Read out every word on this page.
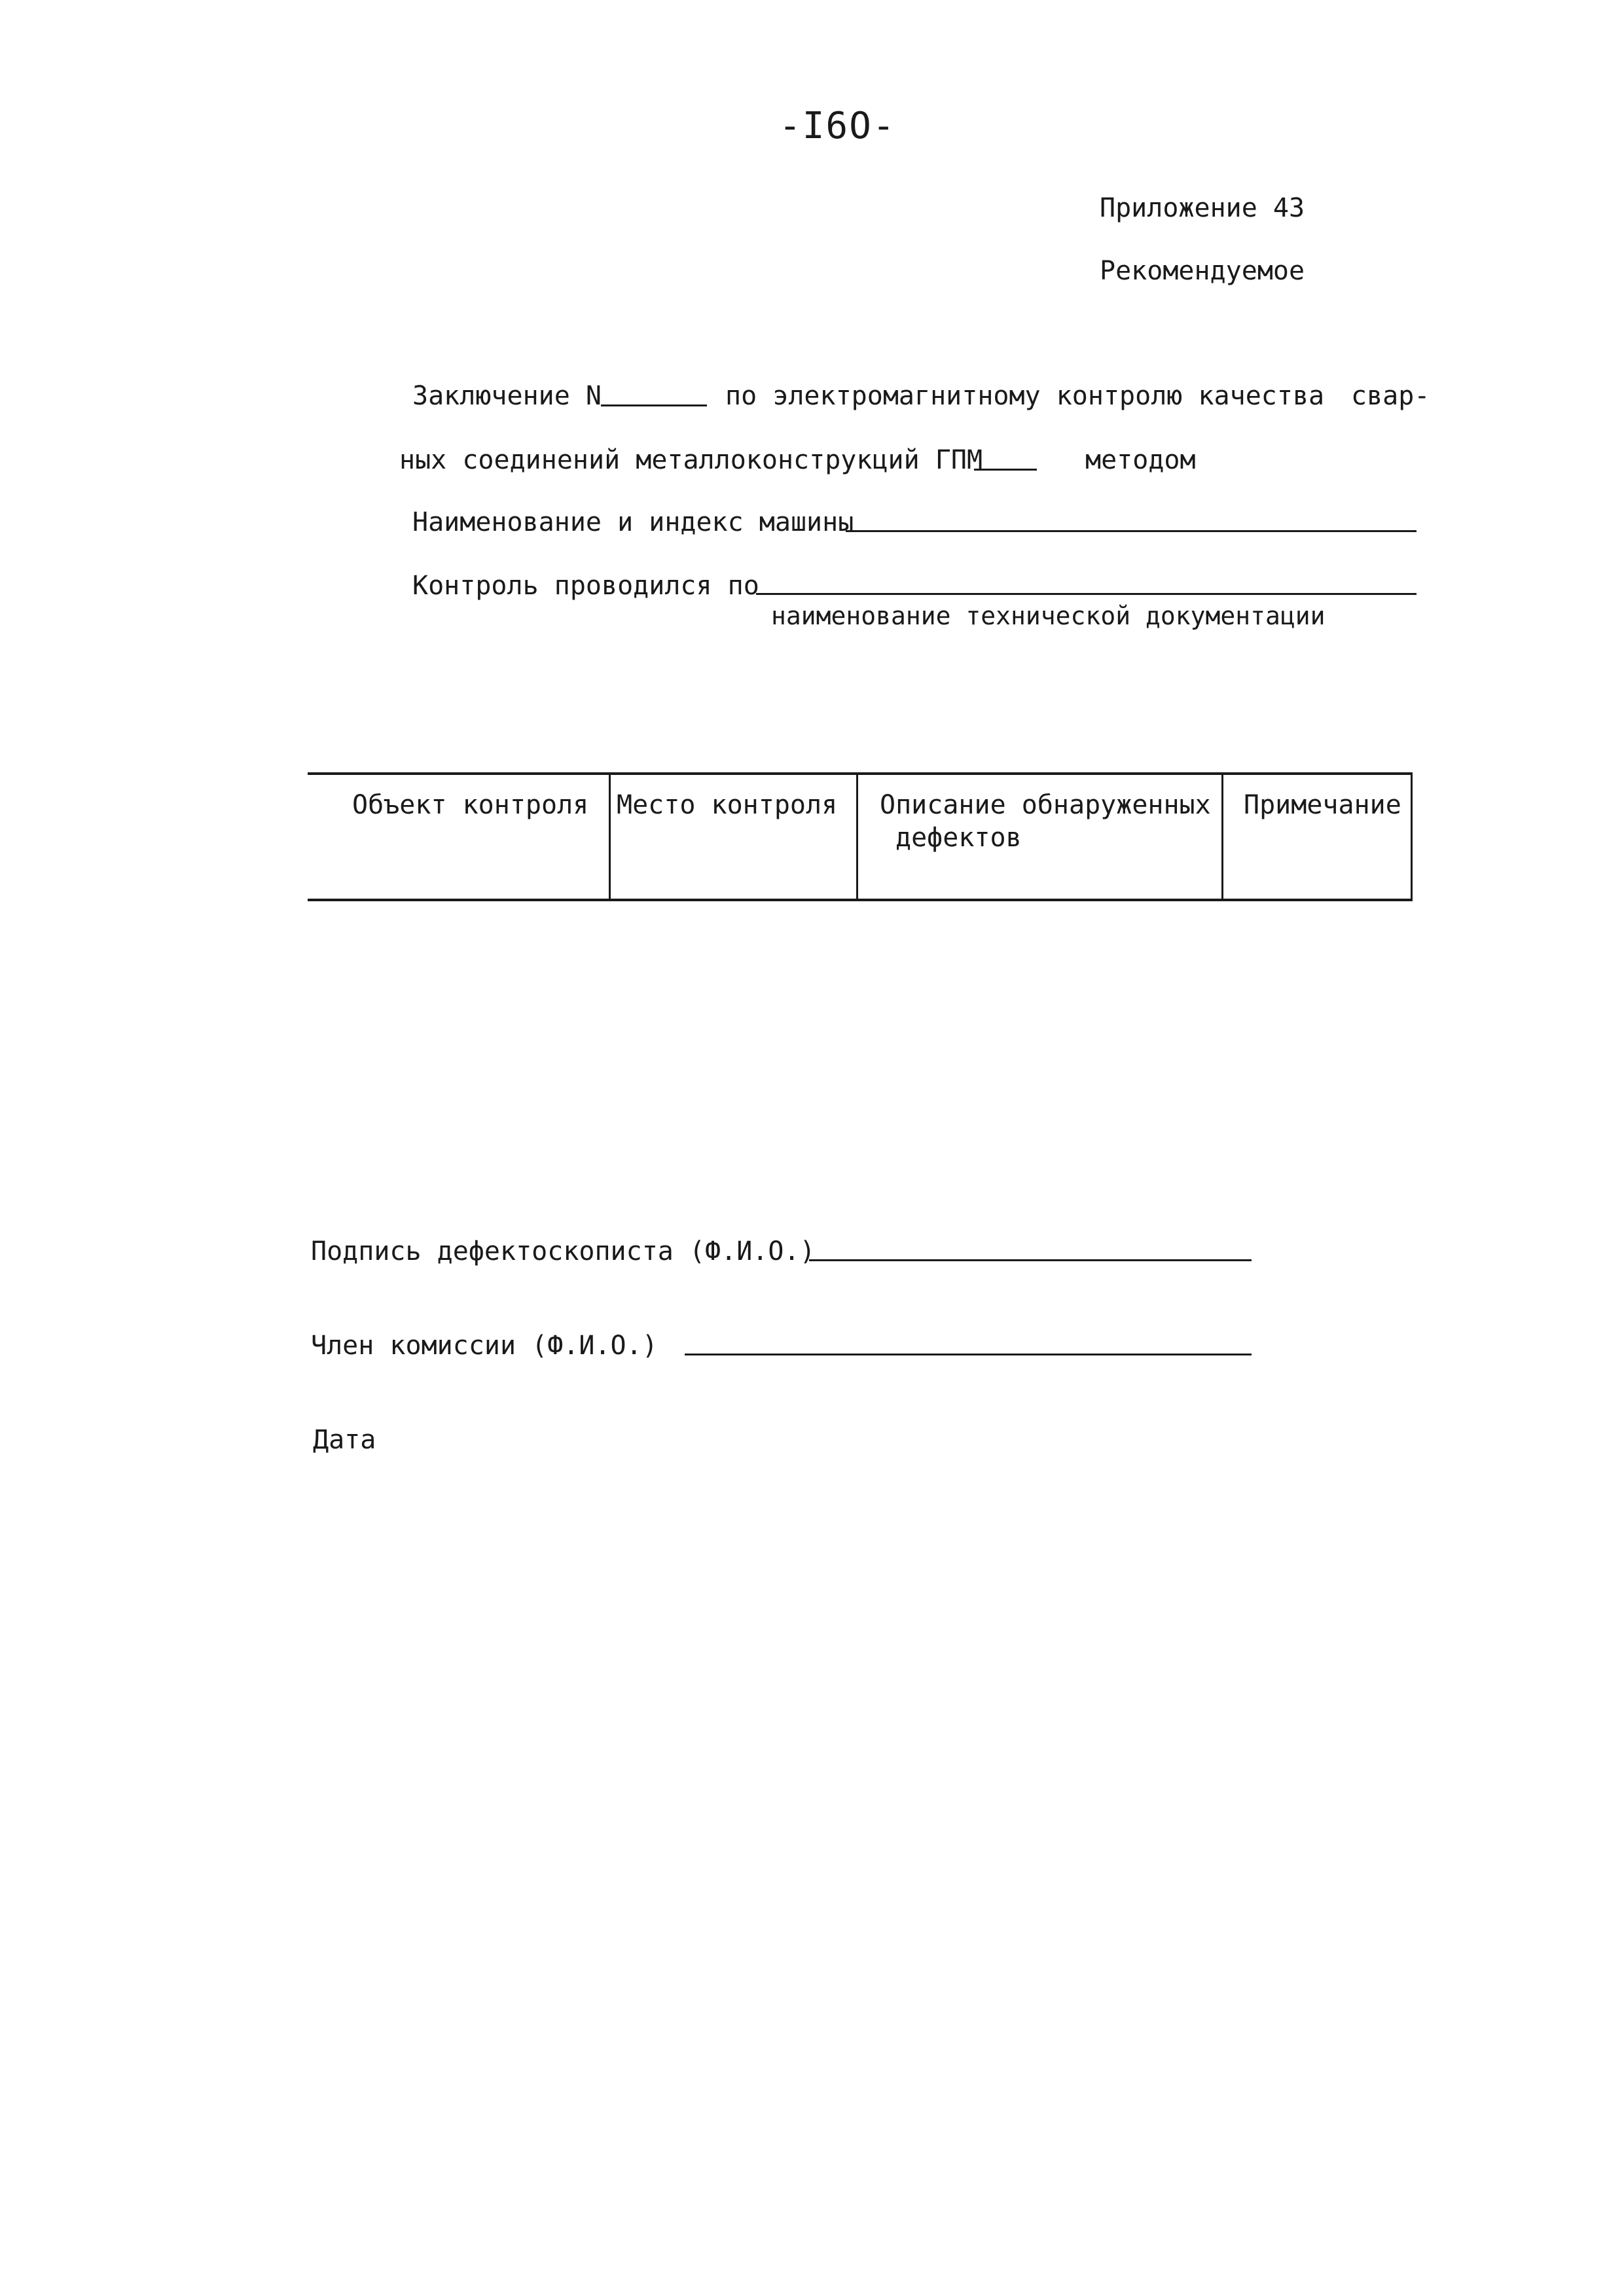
-I6O-
Приложение 43
Рекомендуемое
Заключение N	по электромагнитному контролю качества свар-
ных соединений металлоконструкций ГПМ	методом
Наименование и индекс машины
Контроль проводился по
наименование технической документации
Объект контроля Место контроля Описание обнаруженных
дефектов
Примечание
Подпись дефектоскописта (Ф.И.О.)
Член комиссии (Ф.И.О.)
Дата
